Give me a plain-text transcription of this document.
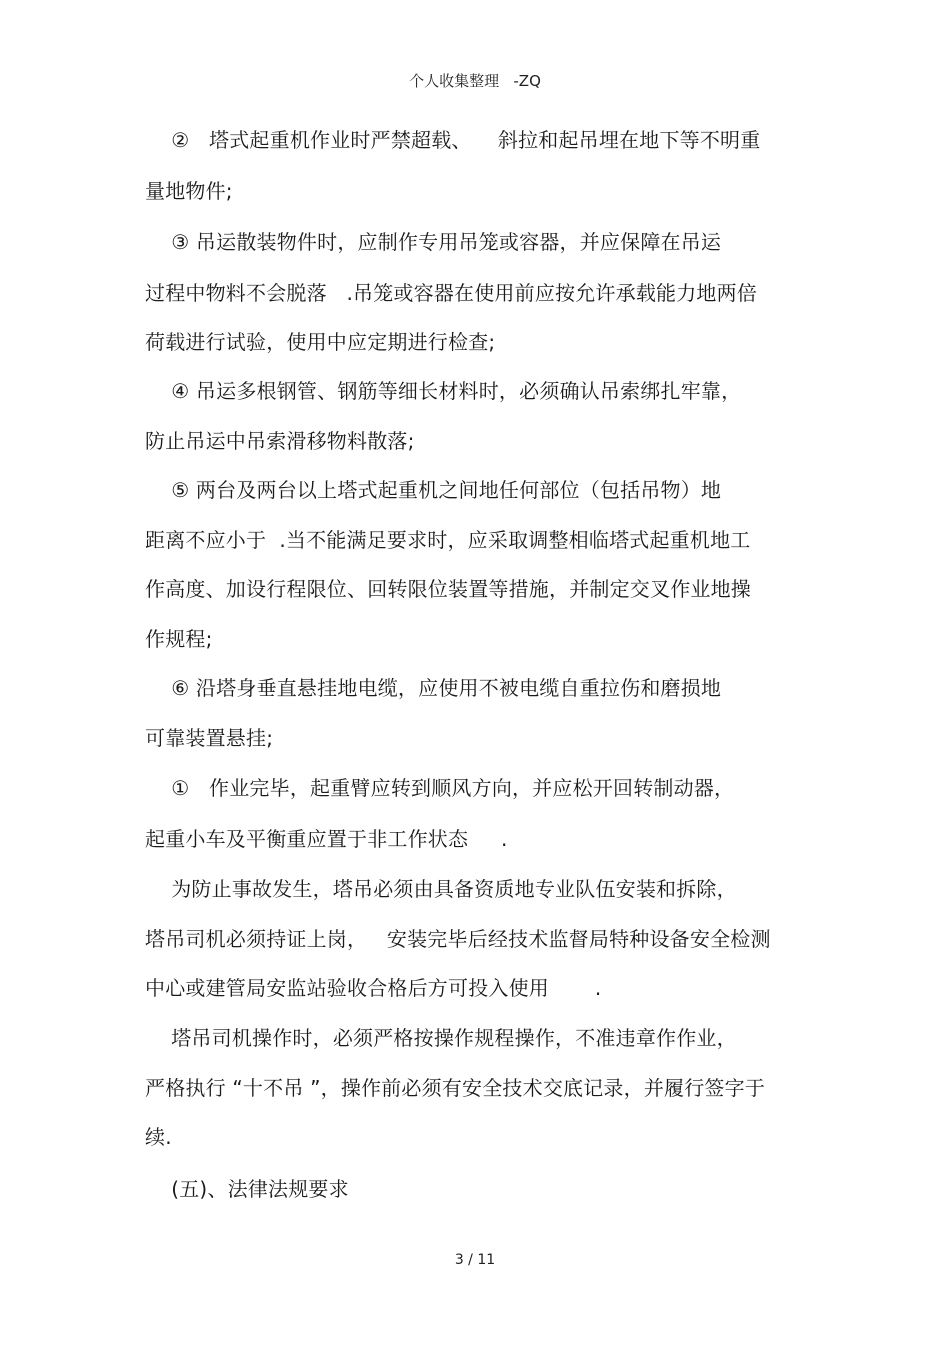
个人收集整理   -ZQ
②   塔式起重机作业时严禁超载、    斜拉和起吊埋在地下等不明重
量地物件;
③ 吊运散装物件时，应制作专用吊笼或容器，并应保障在吊运
过程中物料不会脱落   .吊笼或容器在使用前应按允许承载能力地两倍
荷载进行试验，使用中应定期进行检查;
④ 吊运多根钢管、钢筋等细长材料时，必须确认吊索绑扎牢靠，
防止吊运中吊索滑移物料散落;
⑤ 两台及两台以上塔式起重机之间地任何部位（包括吊物）地
距离不应小于  .当不能满足要求时，应采取调整相临塔式起重机地工
作高度、加设行程限位、回转限位装置等措施，并制定交叉作业地操
作规程;
⑥ 沿塔身垂直悬挂地电缆，应使用不被电缆自重拉伤和磨损地
可靠装置悬挂;
①   作业完毕，起重臂应转到顺风方向，并应松开回转制动器，
起重小车及平衡重应置于非工作状态     .
为防止事故发生，塔吊必须由具备资质地专业队伍安装和拆除，
塔吊司机必须持证上岗，   安装完毕后经技术监督局特种设备安全检测
中心或建管局安监站验收合格后方可投入使用       .
塔吊司机操作时，必须严格按操作规程操作，不准违章作作业，
严格执行 “十不吊 ”，操作前必须有安全技术交底记录，并履行签字于
续.
(五)、法律法规要求
3 / 11
